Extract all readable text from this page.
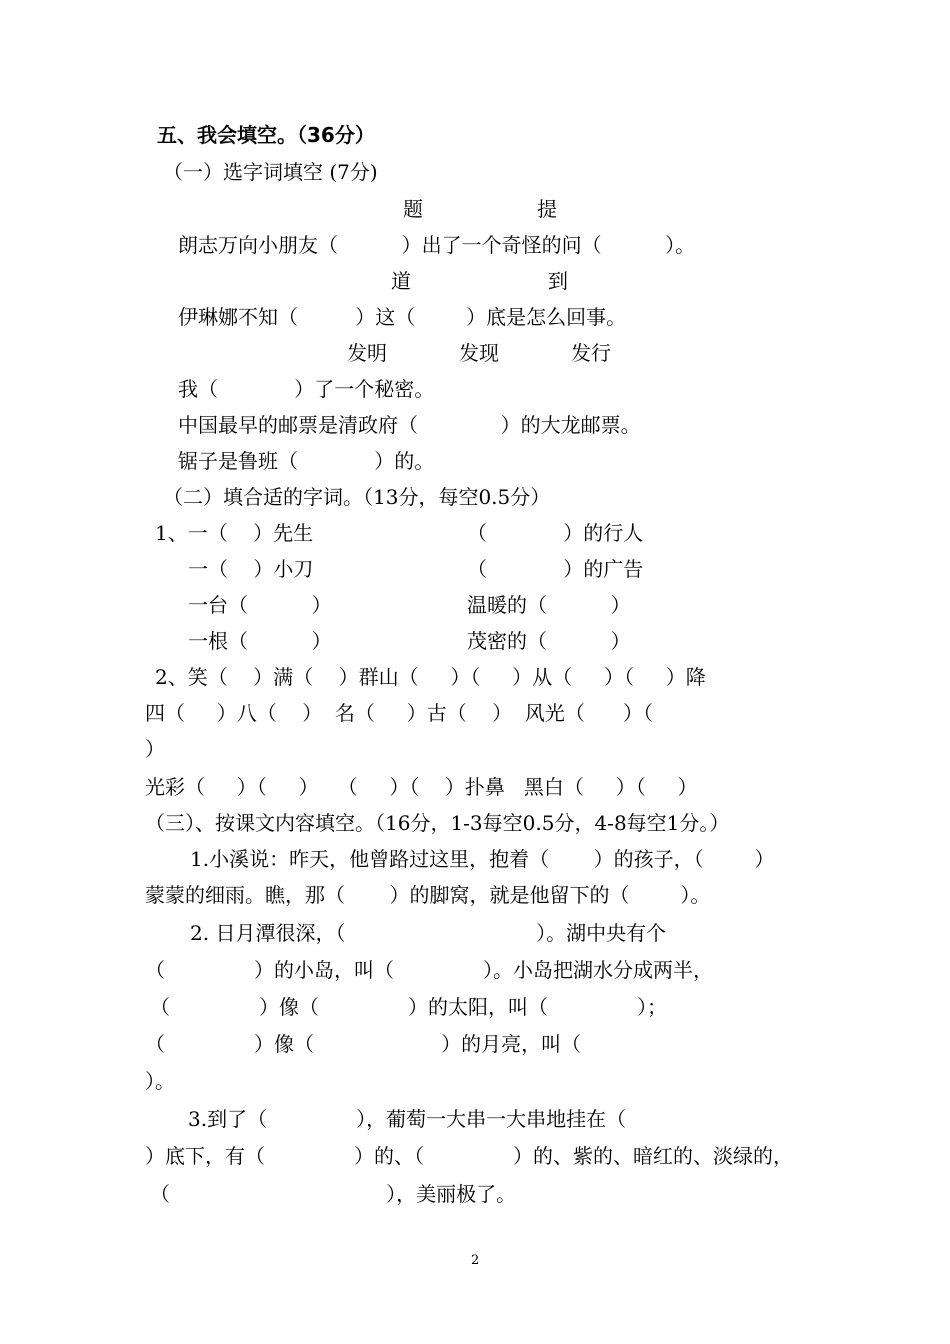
五、我会填空。（36分）
（一）选字词填空 (7分)
题	提
朗志万向小朋友（          ）出了一个奇怪的问（          ）。
道	到
伊琳娜不知（         ）这（        ）底是怎么回事。
发明	发现	发行
我（            ）了一个秘密。
中国最早的邮票是清政府（             ）的大龙邮票。
锯子是鲁班（            ）的。
（二）填合适的字词。（13分，每空0.5分）
1、一（    ）先生	（            ）的行人
一（    ）小刀	（            ）的广告
一台（          ）	温暖的（          ）
一根（          ）	茂密的（          ）
2、笑（    ）满（    ）群山（     ）（     ）从（     ）（     ）降
四（     ）八（    ）  名（     ）古（    ）  风光（      ）（
）
光彩（     ）（     ）   （     ）（    ）扑鼻   黑白（     ）（     ）
（三）、按课文内容填空。（16分，1-3每空0.5分，4-8每空1分。）
1.小溪说：昨天，他曾路过这里，抱着（       ）的孩子，（        ）
蒙蒙的细雨。瞧，那（       ）的脚窝，就是他留下的（        ）。
2. 日月潭很深，（                              ）。湖中央有个
（              ）的小岛，叫（              ）。小岛把湖水分成两半，
（              ）像（              ）的太阳，叫（              ）；
（              ）像（                    ）的月亮，叫（
）。
3.到了（              ），葡萄一大串一大串地挂在（
）底下，有（              ）的、（              ）的、紫的、暗红的、淡绿的，
（                                  ），美丽极了。
2
